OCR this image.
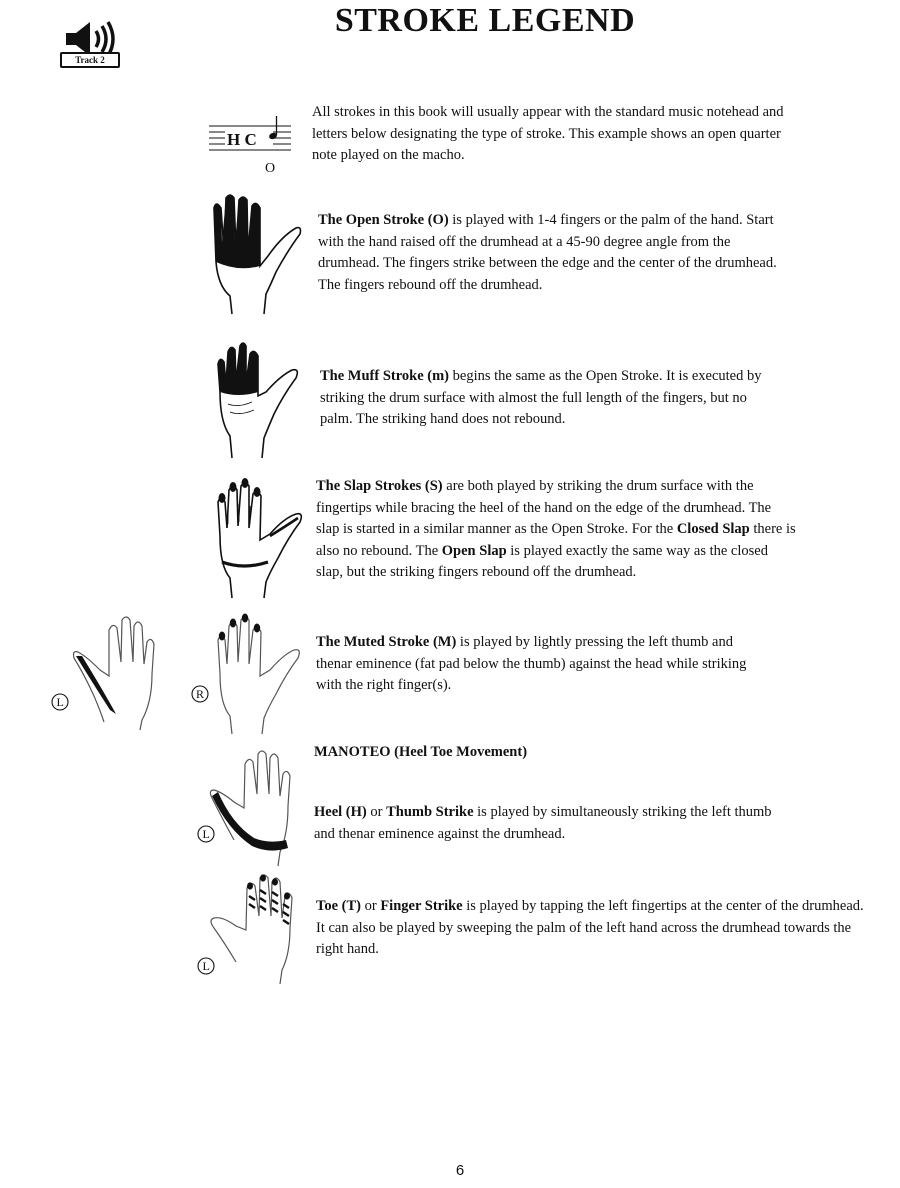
STROKE LEGEND
Track 2
H C
O
All strokes in this book will usually appear with the standard music notehead and letters below designating the type of stroke. This example shows an open quarter note played on the macho.
The Open Stroke (O) is played with 1-4 fingers or the palm of the hand. Start with the hand raised off the drumhead at a 45-90 degree angle from the drumhead. The fingers strike between the edge and the center of the drumhead. The fingers rebound off the drumhead.
The Muff Stroke (m) begins the same as the Open Stroke. It is executed by striking the drum surface with almost the full length of the fingers, but no palm. The striking hand does not rebound.
The Slap Strokes (S) are both played by striking the drum surface with the fingertips while bracing the heel of the hand on the edge of the drumhead. The slap is started in a similar manner as the Open Stroke. For the Closed Slap there is also no rebound. The Open Slap is played exactly the same way as the closed slap, but the striking fingers rebound off the drumhead.
L
R
The Muted Stroke (M) is played by lightly pressing the left thumb and thenar eminence (fat pad below the thumb) against the head while striking with the right finger(s).
MANOTEO (Heel Toe Movement)
L
Heel (H) or Thumb Strike is played by simultaneously striking the left thumb and thenar eminence against the drumhead.
L
Toe (T) or Finger Strike is played by tapping the left fingertips at the center of the drumhead. It can also be played by sweeping the palm of the left hand across the drumhead towards the right hand.
6
